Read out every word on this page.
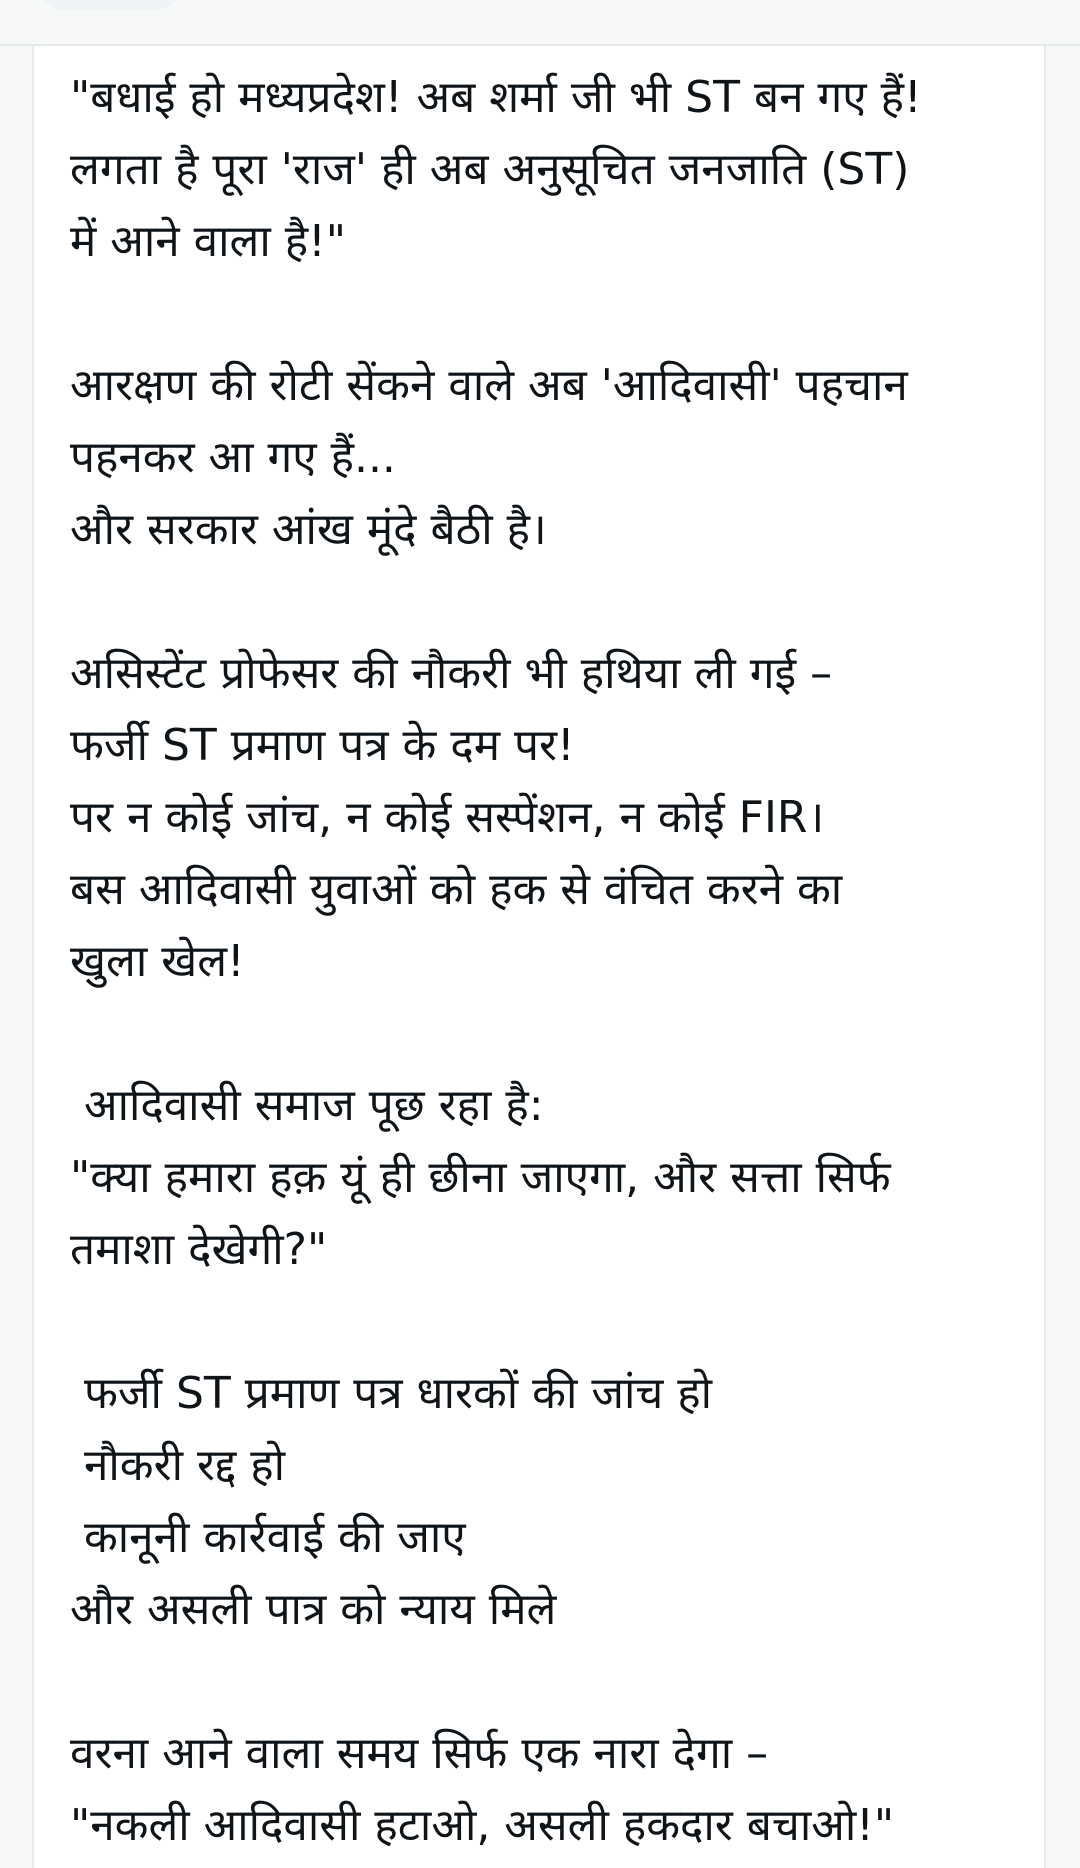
"बधाई हो मध्यप्रदेश! अब शर्मा जी भी ST बन गए हैं!
लगता है पूरा 'राज' ही अब अनुसूचित जनजाति (ST)
में आने वाला है!"
आरक्षण की रोटी सेंकने वाले अब 'आदिवासी' पहचान
पहनकर आ गए हैं...
और सरकार आंख मूंदे बैठी है।
असिस्टेंट प्रोफेसर की नौकरी भी हथिया ली गई –
फर्जी ST प्रमाण पत्र के दम पर!
पर न कोई जांच, न कोई सस्पेंशन, न कोई FIR।
बस आदिवासी युवाओं को हक से वंचित करने का
खुला खेल!
आदिवासी समाज पूछ रहा है:
"क्या हमारा हक़ यूं ही छीना जाएगा, और सत्ता सिर्फ
तमाशा देखेगी?"
फर्जी ST प्रमाण पत्र धारकों की जांच हो
नौकरी रद्द हो
कानूनी कार्रवाई की जाए
और असली पात्र को न्याय मिले
वरना आने वाला समय सिर्फ एक नारा देगा –
"नकली आदिवासी हटाओ, असली हकदार बचाओ!"
